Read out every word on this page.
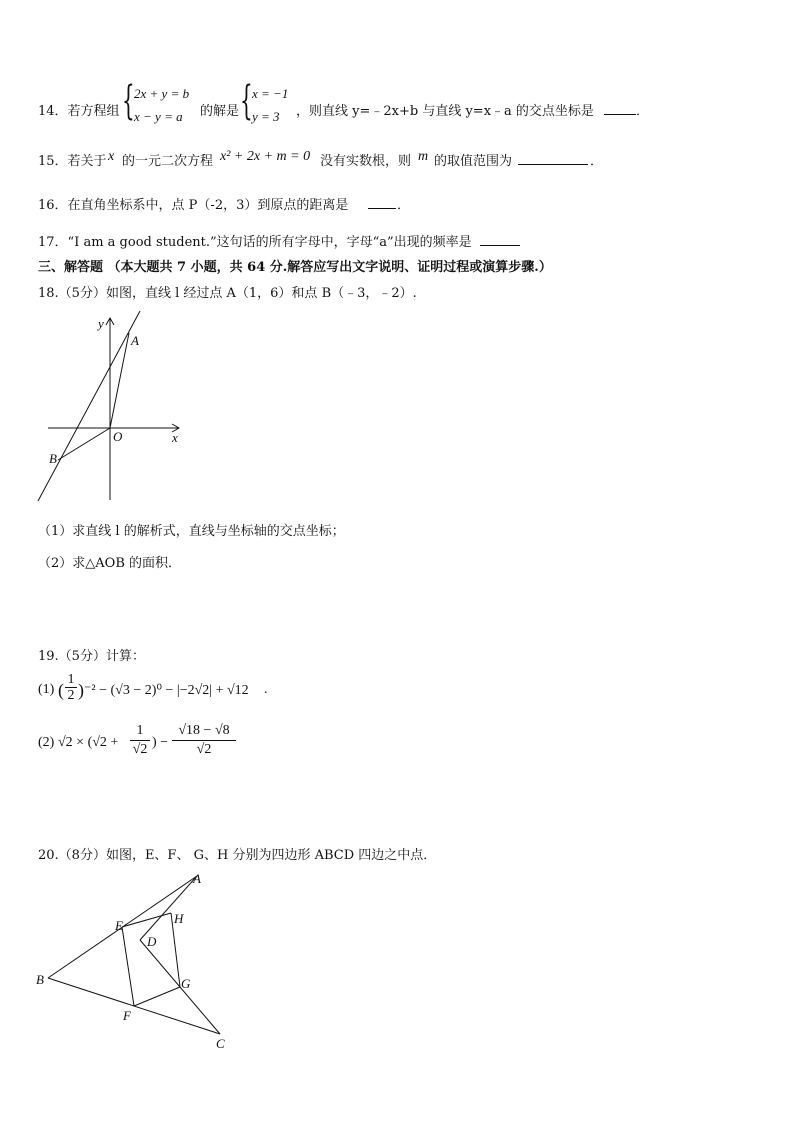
14．若方程组 { 2x + y = b
x − y = a 的解是 { x = −1
y = 3 ，则直线 y=﹣2x+b 与直线 y=x﹣a 的交点坐标是	．
15．若关于 x 的一元二次方程 x² + 2x + m = 0 没有实数根，则 m 的取值范围为	．
16．在直角坐标系中，点 P（-2，3）到原点的距离是	．
17．“I am a good student.”这句话的所有字母中，字母“a”出现的频率是
三、解答题 （本大题共 7 小题，共 64 分.解答应写出文字说明、证明过程或演算步骤.）
18.（5分）如图，直线 l 经过点 A（1，6）和点 B（﹣3，﹣2）.
y
x
A
O
B
（1）求直线 l 的解析式，直线与坐标轴的交点坐标；
（2）求△AOB 的面积．
19.（5分）计算：
(1) ( $\frac{1}{2}$ ) ⁻² − (√3 − 2)⁰ − |−2√2| + √12 .
(2) $√2 \times (√2 + \frac{1}{√2}$ ) − $\frac{√18 - √8}{√2}$
20.（8分）如图，E、F、 G、H 分别为四边形 ABCD 四边之中点．
A
B
C
D
E
F
G
H
